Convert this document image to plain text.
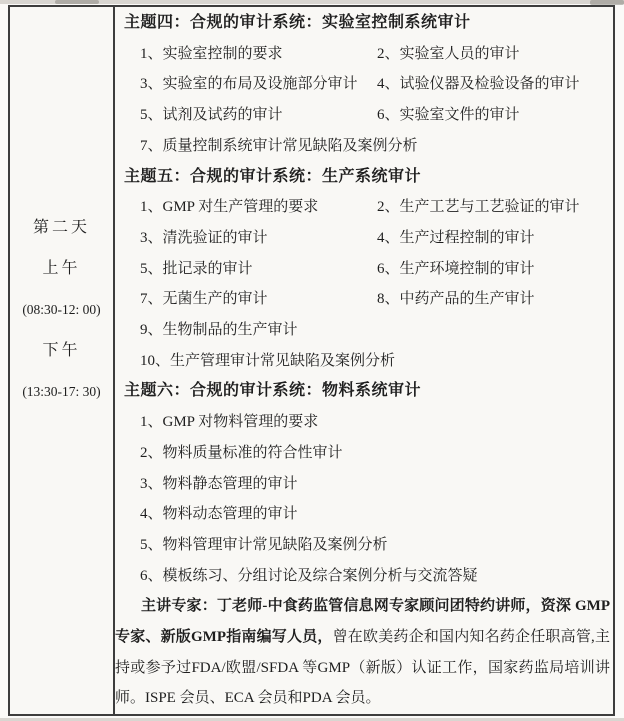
第二天
上午
(08:30-12: 00)
下午
(13:30-17: 30)
主题四：合规的审计系统：实验室控制系统审计
1、实验室控制的要求	2、实验室人员的审计
3、实验室的布局及设施部分审计	4、试验仪器及检验设备的审计
5、试剂及试药的审计	6、实验室文件的审计
7、质量控制系统审计常见缺陷及案例分析
主题五：合规的审计系统：生产系统审计
1、GMP 对生产管理的要求	2、生产工艺与工艺验证的审计
3、清洗验证的审计	4、生产过程控制的审计
5、批记录的审计	6、生产环境控制的审计
7、无菌生产的审计	8、中药产品的生产审计
9、生物制品的生产审计
10、生产管理审计常见缺陷及案例分析
主题六：合规的审计系统：物料系统审计
1、GMP 对物料管理的要求
2、物料质量标准的符合性审计
3、物料静态管理的审计
4、物料动态管理的审计
5、物料管理审计常见缺陷及案例分析
6、模板练习、分组讨论及综合案例分析与交流答疑

主讲专家：丁老师-中食药监管信息网专家顾问团特约讲师，资深 GMP 专家、新版GMP指南编写人员，曾在欧美药企和国内知名药企任职高管,主持或参予过FDA/欧盟/SFDA 等GMP（新版）认证工作，国家药监局培训讲师。ISPE 会员、ECA 会员和PDA 会员。
